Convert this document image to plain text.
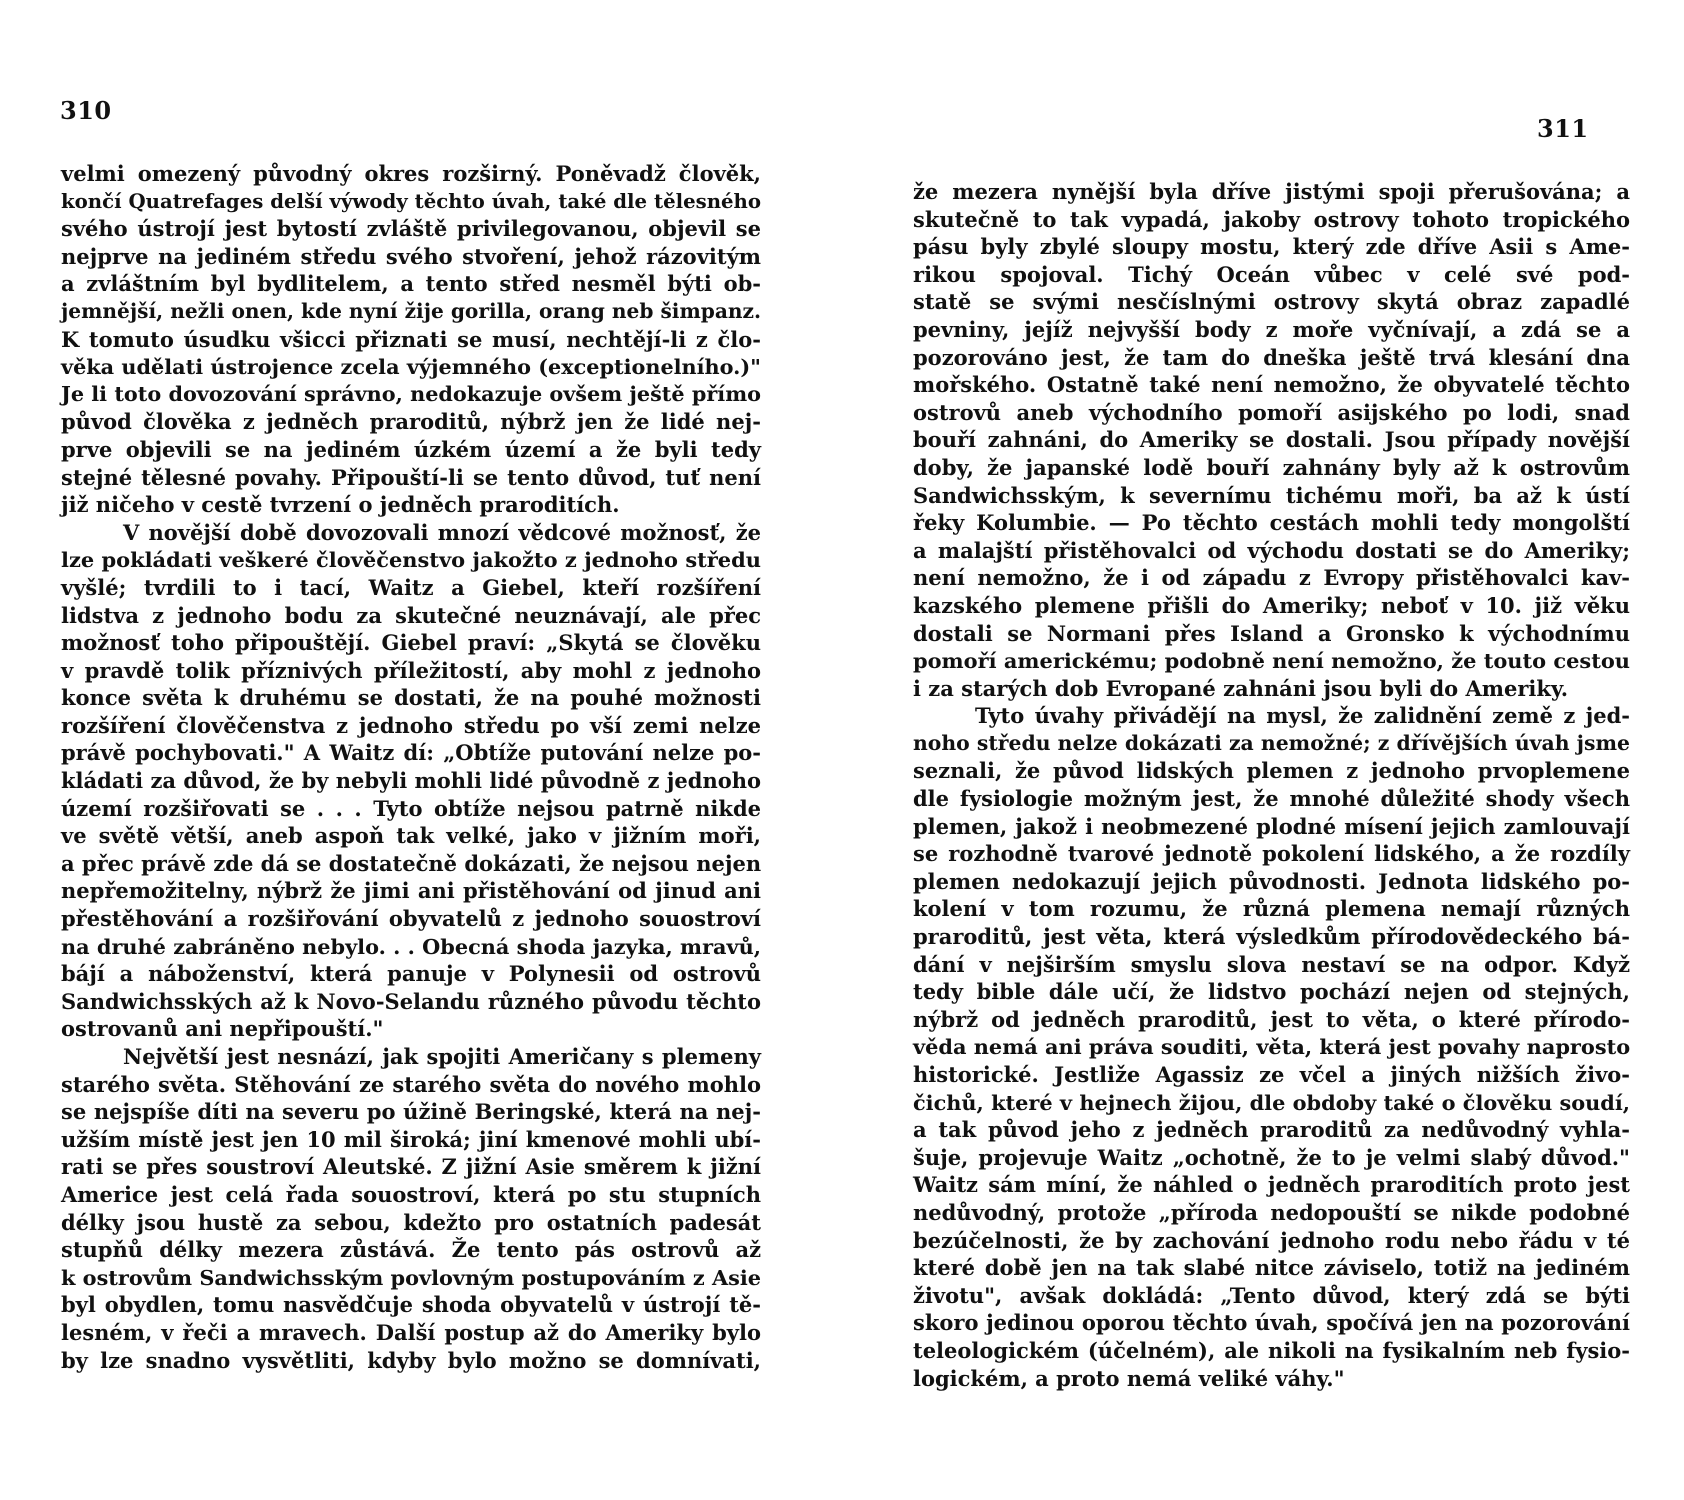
310
velmi omezený původný okres rozširný. Poněvadž člověk,
končí Quatrefages delší výwody těchto úvah, také dle tělesného
svého ústrojí jest bytostí zvláště privilegovanou, objevil se
nejprve na jediném středu svého stvoření, jehož rázovitým
a zvláštním byl bydlitelem, a tento střed nesměl býti ob-
jemnější, nežli onen, kde nyní žije gorilla, orang neb šimpanz.
K tomuto úsudku všicci přiznati se musí, nechtějí-li z člo-
věka udělati ústrojence zcela výjemného (exceptionelního.)"
Je li toto dovozování správno, nedokazuje ovšem ještě přímo
původ člověka z jedněch praroditů, nýbrž jen že lidé nej-
prve objevili se na jediném úzkém území a že byli tedy
stejné tělesné povahy. Připouští-li se tento důvod, tuť není
již ničeho v cestě tvrzení o jedněch praroditích.
V novější době dovozovali mnozí vědcové možnosť, že
lze pokládati veškeré člověčenstvo jakožto z jednoho středu
vyšlé; tvrdili to i tací, Waitz a Giebel, kteří rozšíření
lidstva z jednoho bodu za skutečné neuznávají, ale přec
možnosť toho připouštějí. Giebel praví: „Skytá se člověku
v pravdě tolik příznivých příležitostí, aby mohl z jednoho
konce světa k druhému se dostati, že na pouhé možnosti
rozšíření člověčenstva z jednoho středu po vší zemi nelze
právě pochybovati." A Waitz dí: „Obtíže putování nelze po-
kládati za důvod, že by nebyli mohli lidé původně z jednoho
území rozšiřovati se . . . Tyto obtíže nejsou patrně nikde
ve světě větší, aneb aspoň tak velké, jako v jižním moři,
a přec právě zde dá se dostatečně dokázati, že nejsou nejen
nepřemožitelny, nýbrž že jimi ani přistěhování od jinud ani
přestěhování a rozšiřování obyvatelů z jednoho souostroví
na druhé zabráněno nebylo. . . Obecná shoda jazyka, mravů,
bájí a náboženství, která panuje v Polynesii od ostrovů
Sandwichsských až k Novo-Selandu různého původu těchto
ostrovanů ani nepřipouští."
Největší jest nesnází, jak spojiti Američany s plemeny
starého světa. Stěhování ze starého světa do nového mohlo
se nejspíše díti na severu po úžině Beringské, která na nej-
užším místě jest jen 10 mil široká; jiní kmenové mohli ubí-
rati se přes soustroví Aleutské. Z jižní Asie směrem k jižní
Americe jest celá řada souostroví, která po stu stupních
délky jsou hustě za sebou, kdežto pro ostatních padesát
stupňů délky mezera zůstává. Že tento pás ostrovů až
k ostrovům Sandwichsským povlovným postupováním z Asie
byl obydlen, tomu nasvědčuje shoda obyvatelů v ústrojí tě-
lesném, v řeči a mravech. Další postup až do Ameriky bylo
by lze snadno vysvětliti, kdyby bylo možno se domnívati,
311
že mezera nynější byla dříve jistými spoji přerušována; a
skutečně to tak vypadá, jakoby ostrovy tohoto tropického
pásu byly zbylé sloupy mostu, který zde dříve Asii s Ame-
rikou spojoval. Tichý Oceán vůbec v celé své pod-
statě se svými nesčíslnými ostrovy skytá obraz zapadlé
pevniny, jejíž nejvyšší body z moře vyčnívají, a zdá se a
pozorováno jest, že tam do dneška ještě trvá klesání dna
mořského. Ostatně také není nemožno, že obyvatelé těchto
ostrovů aneb východního pomoří asijského po lodi, snad
bouří zahnáni, do Ameriky se dostali. Jsou případy novější
doby, že japanské lodě bouří zahnány byly až k ostrovům
Sandwichsským, k severnímu tichému moři, ba až k ústí
řeky Kolumbie. — Po těchto cestách mohli tedy mongolští
a malajští přistěhovalci od východu dostati se do Ameriky;
není nemožno, že i od západu z Evropy přistěhovalci kav-
kazského plemene přišli do Ameriky; neboť v 10. již věku
dostali se Normani přes Island a Gronsko k východnímu
pomoří americkému; podobně není nemožno, že touto cestou
i za starých dob Evropané zahnáni jsou byli do Ameriky.
Tyto úvahy přivádějí na mysl, že zalidnění země z jed-
noho středu nelze dokázati za nemožné; z dřívějších úvah jsme
seznali, že původ lidských plemen z jednoho prvoplemene
dle fysiologie možným jest, že mnohé důležité shody všech
plemen, jakož i neobmezené plodné mísení jejich zamlouvají
se rozhodně tvarové jednotě pokolení lidského, a že rozdíly
plemen nedokazují jejich původnosti. Jednota lidského po-
kolení v tom rozumu, že různá plemena nemají různých
praroditů, jest věta, která výsledkům přírodovědeckého bá-
dání v nejširším smyslu slova nestaví se na odpor. Když
tedy bible dále učí, že lidstvo pochází nejen od stejných,
nýbrž od jedněch praroditů, jest to věta, o které přírodo-
věda nemá ani práva souditi, věta, která jest povahy naprosto
historické. Jestliže Agassiz ze včel a jiných nižších živo-
čichů, které v hejnech žijou, dle obdoby také o člověku soudí,
a tak původ jeho z jedněch praroditů za nedůvodný vyhla-
šuje, projevuje Waitz „ochotně, že to je velmi slabý důvod."
Waitz sám míní, že náhled o jedněch praroditích proto jest
nedůvodný, protože „příroda nedopouští se nikde podobné
bezúčelnosti, že by zachování jednoho rodu nebo řádu v té
které době jen na tak slabé nitce záviselo, totiž na jediném
životu", avšak dokládá: „Tento důvod, který zdá se býti
skoro jedinou oporou těchto úvah, spočívá jen na pozorování
teleologickém (účelném), ale nikoli na fysikalním neb fysio-
logickém, a proto nemá veliké váhy."
